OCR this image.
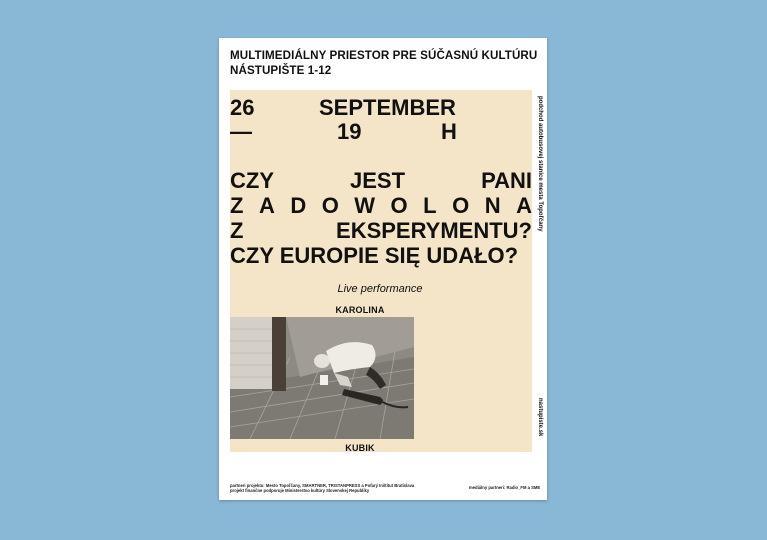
MULTIMEDIÁLNY PRIESTOR PRE SÚČASNÚ KULTÚRU
NÁSTUPIŠTE 1-12
26	SEPTEMBER
—	19	H
CZY	JEST	PANI
Z A D O W O L O N A
Z	EKSPERYMENTU?
CZY EUROPIE SIĘ UDAŁO?
Live performance
KAROLINA
KUBIK
podchod autobusovej stanice mesta Topoľčany
nastupiste.sk
partneri projektu: Mesto Topoľčany, SMARTNER, TRISTANPRESS a Pofarý Inštitut Bratislava
projekt finančne podporuje Ministerstvo kultúry Slovenskej Republiky
mediálny partneri: Radio_FM a SME
